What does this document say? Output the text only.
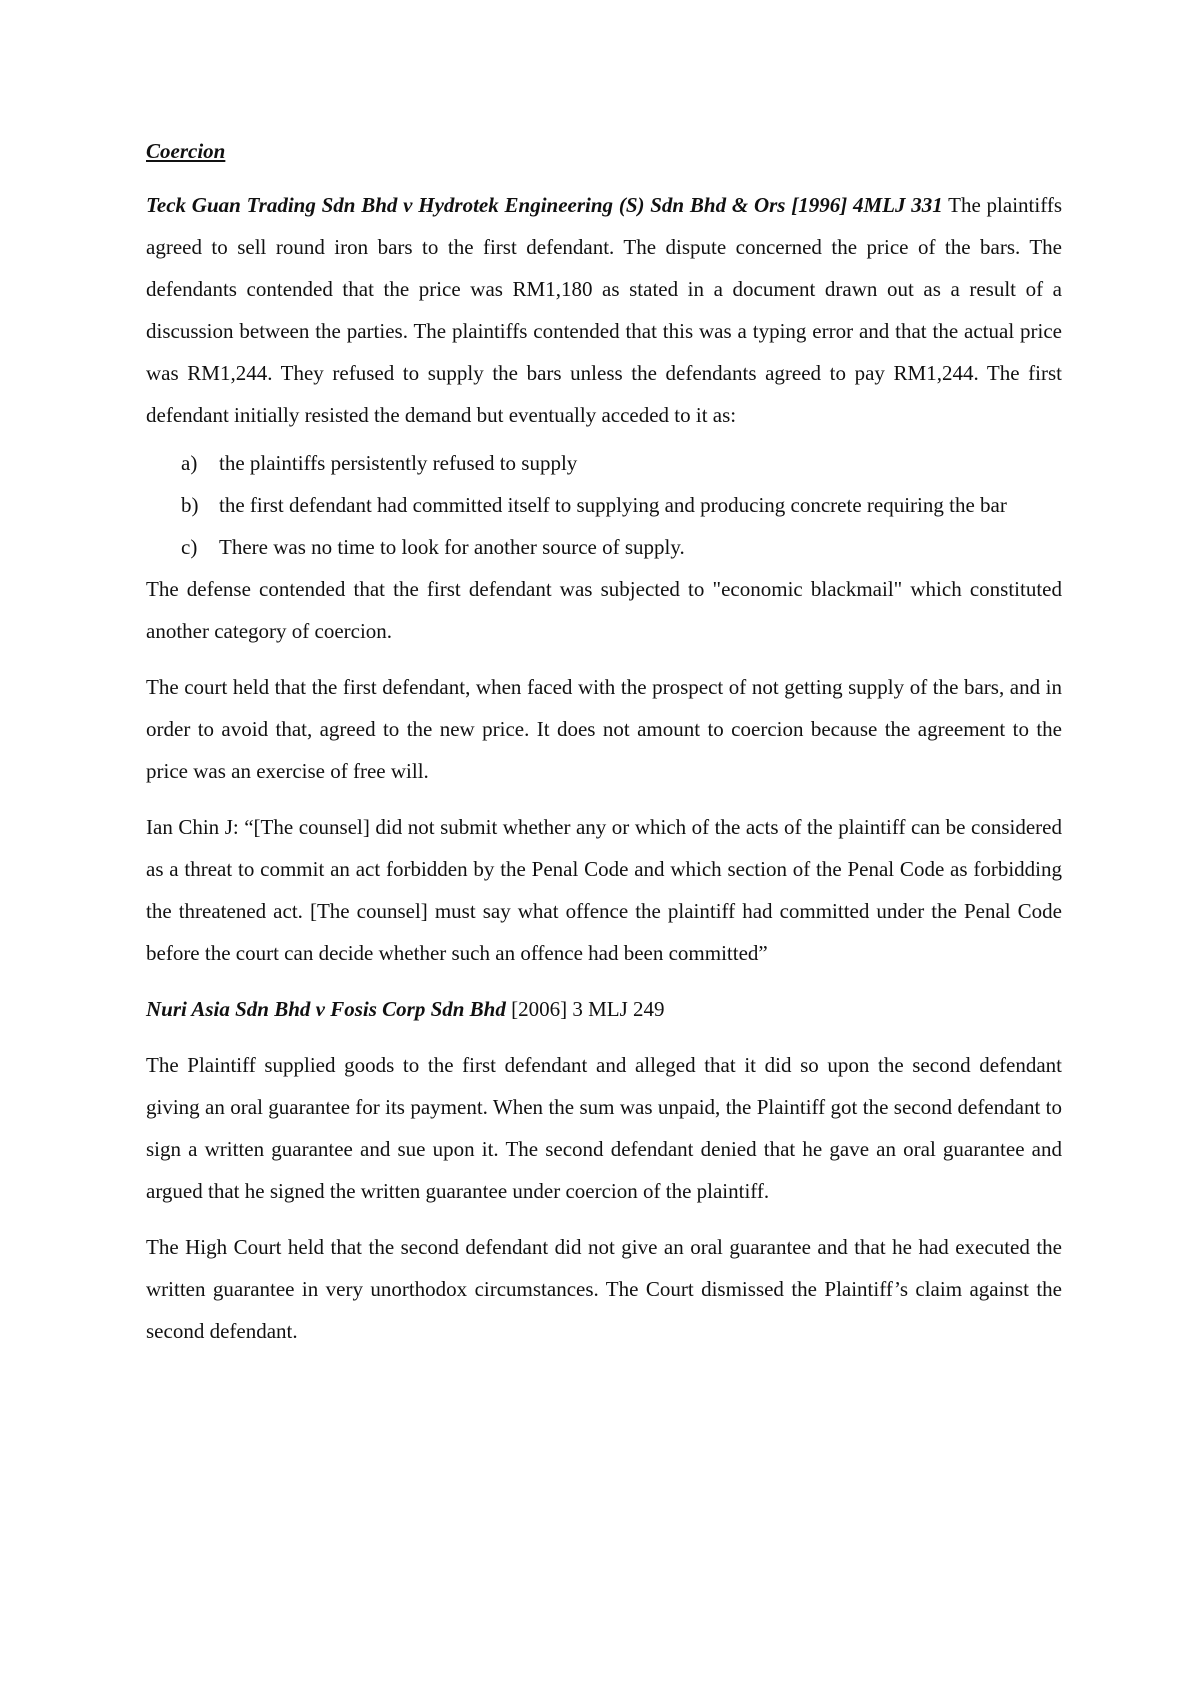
Coercion

Teck Guan Trading Sdn Bhd v Hydrotek Engineering (S) Sdn Bhd & Ors [1996] 4MLJ 331 The plaintiffs agreed to sell round iron bars to the first defendant. The dispute concerned the price of the bars. The defendants contended that the price was RM1,180 as stated in a document drawn out as a result of a discussion between the parties. The plaintiffs contended that this was a typing error and that the actual price was RM1,244. They refused to supply the bars unless the defendants agreed to pay RM1,244. The first defendant initially resisted the demand but eventually acceded to it as:

a) the plaintiffs persistently refused to supply
b) the first defendant had committed itself to supplying and producing concrete requiring the bar
c) There was no time to look for another source of supply.

The defense contended that the first defendant was subjected to "economic blackmail" which constituted another category of coercion.

The court held that the first defendant, when faced with the prospect of not getting supply of the bars, and in order to avoid that, agreed to the new price. It does not amount to coercion because the agreement to the price was an exercise of free will.

Ian Chin J: “[The counsel] did not submit whether any or which of the acts of the plaintiff can be considered as a threat to commit an act forbidden by the Penal Code and which section of the Penal Code as forbidding the threatened act. [The counsel] must say what offence the plaintiff had committed under the Penal Code before the court can decide whether such an offence had been committed”

Nuri Asia Sdn Bhd v Fosis Corp Sdn Bhd [2006] 3 MLJ 249

The Plaintiff supplied goods to the first defendant and alleged that it did so upon the second defendant giving an oral guarantee for its payment. When the sum was unpaid, the Plaintiff got the second defendant to sign a written guarantee and sue upon it. The second defendant denied that he gave an oral guarantee and argued that he signed the written guarantee under coercion of the plaintiff.

The High Court held that the second defendant did not give an oral guarantee and that he had executed the written guarantee in very unorthodox circumstances. The Court dismissed the Plaintiff’s claim against the second defendant.
